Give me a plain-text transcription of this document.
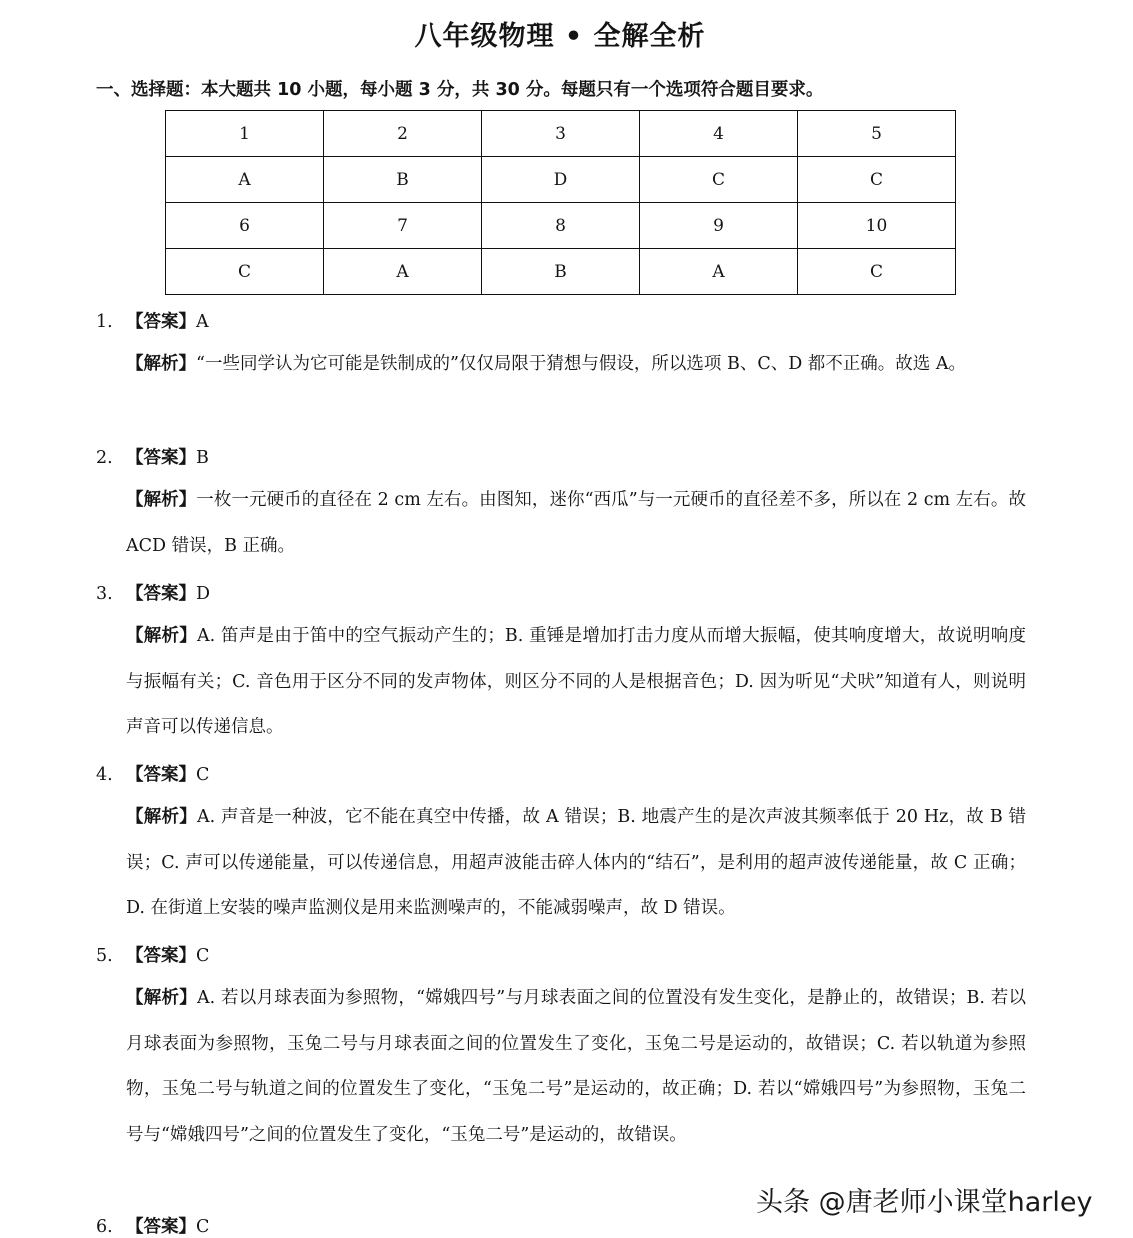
八年级物理 • 全解全析
一、选择题：本大题共 10 小题，每小题 3 分，共 30 分。每题只有一个选项符合题目要求。
1	2	3	4	5
A	B	D	C	C
6	7	8	9	10
C	A	B	A	C
1. 【答案】A
【解析】“一些同学认为它可能是铁制成的”仅仅局限于猜想与假设，所以选项 B、C、D 都不正确。故选 A。
2. 【答案】B
【解析】一枚一元硬币的直径在 2 cm 左右。由图知，迷你“西瓜”与一元硬币的直径差不多，所以在 2 cm 左右。故 ACD 错误，B 正确。
3. 【答案】D
【解析】A. 笛声是由于笛中的空气振动产生的；B. 重锤是增加打击力度从而增大振幅，使其响度增大，故说明响度与振幅有关；C. 音色用于区分不同的发声物体，则区分不同的人是根据音色；D. 因为听见“犬吠”知道有人，则说明声音可以传递信息。
4. 【答案】C
【解析】A. 声音是一种波，它不能在真空中传播，故 A 错误；B. 地震产生的是次声波其频率低于 20 Hz，故 B 错误；C. 声可以传递能量，可以传递信息，用超声波能击碎人体内的“结石”，是利用的超声波传递能量，故 C 正确；D. 在街道上安装的噪声监测仪是用来监测噪声的，不能减弱噪声，故 D 错误。
5. 【答案】C
【解析】A. 若以月球表面为参照物，“嫦娥四号”与月球表面之间的位置没有发生变化，是静止的，故错误；B. 若以月球表面为参照物，玉兔二号与月球表面之间的位置发生了变化，玉兔二号是运动的，故错误；C. 若以轨道为参照物，玉兔二号与轨道之间的位置发生了变化，“玉兔二号”是运动的，故正确；D. 若以“嫦娥四号”为参照物，玉兔二号与“嫦娥四号”之间的位置发生了变化，“玉兔二号”是运动的，故错误。
6. 【答案】C
头条 @唐老师小课堂harley
